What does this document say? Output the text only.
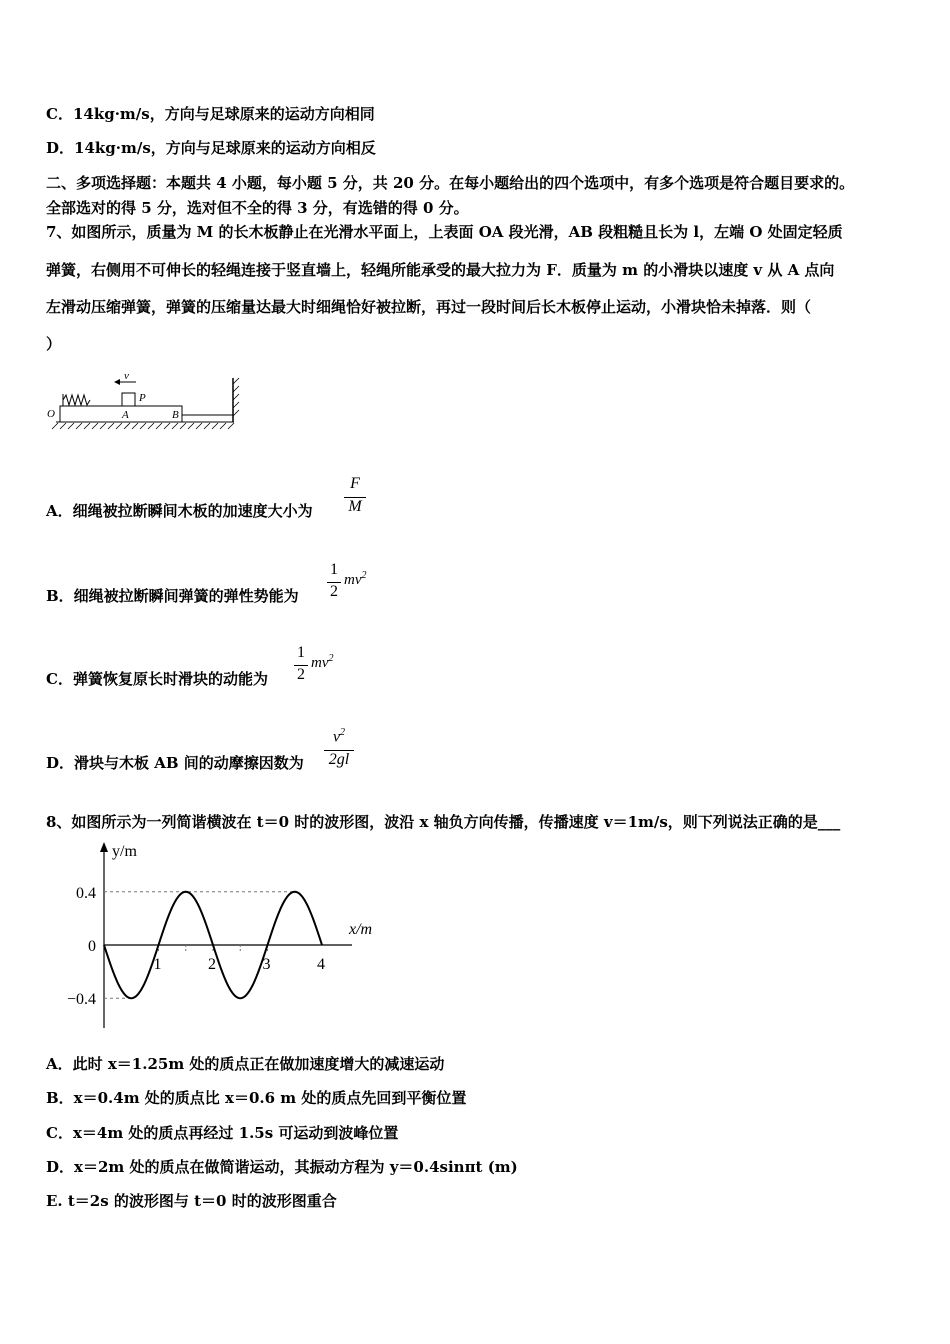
C．14kg·m/s，方向与足球原来的运动方向相同
D．14kg·m/s，方向与足球原来的运动方向相反
二、多项选择题：本题共 4 小题，每小题 5 分，共 20 分。在每小题给出的四个选项中，有多个选项是符合题目要求的。
全部选对的得 5 分，选对但不全的得 3 分，有选错的得 0 分。
7、如图所示，质量为 M 的长木板静止在光滑水平面上，上表面 OA 段光滑，AB 段粗糙且长为 l，左端 O 处固定轻质
弹簧，右侧用不可伸长的轻绳连接于竖直墙上，轻绳所能承受的最大拉力为 F．质量为 m 的小滑块以速度 v 从 A 点向
左滑动压缩弹簧，弹簧的压缩量达最大时细绳恰好被拉断，再过一段时间后长木板停止运动，小滑块恰未掉落．则（
）
v
P
O	A	B
A．细绳被拉断瞬间木板的加速度大小为
F
M
B．细绳被拉断瞬间弹簧的弹性势能为
1
2
$mv^2$
C．弹簧恢复原长时滑块的动能为
1
2
$mv^2$
D．滑块与木板 AB 间的动摩擦因数为
$v^2$
2gl
8、如图所示为一列简谐横波在 t＝0 时的波形图，波沿 x 轴负方向传播，传播速度 v＝1m/s，则下列说法正确的是___
y/m
x/m
0.4
0
−0.4
1	2	3	4
A．此时 x＝1.25m 处的质点正在做加速度增大的减速运动
B．x＝0.4m 处的质点比 x＝0.6 m 处的质点先回到平衡位置
C．x＝4m 处的质点再经过 1.5s 可运动到波峰位置
D．x＝2m 处的质点在做简谐运动，其振动方程为 y＝0.4sinπt (m)
E. t＝2s 的波形图与 t＝0 时的波形图重合
